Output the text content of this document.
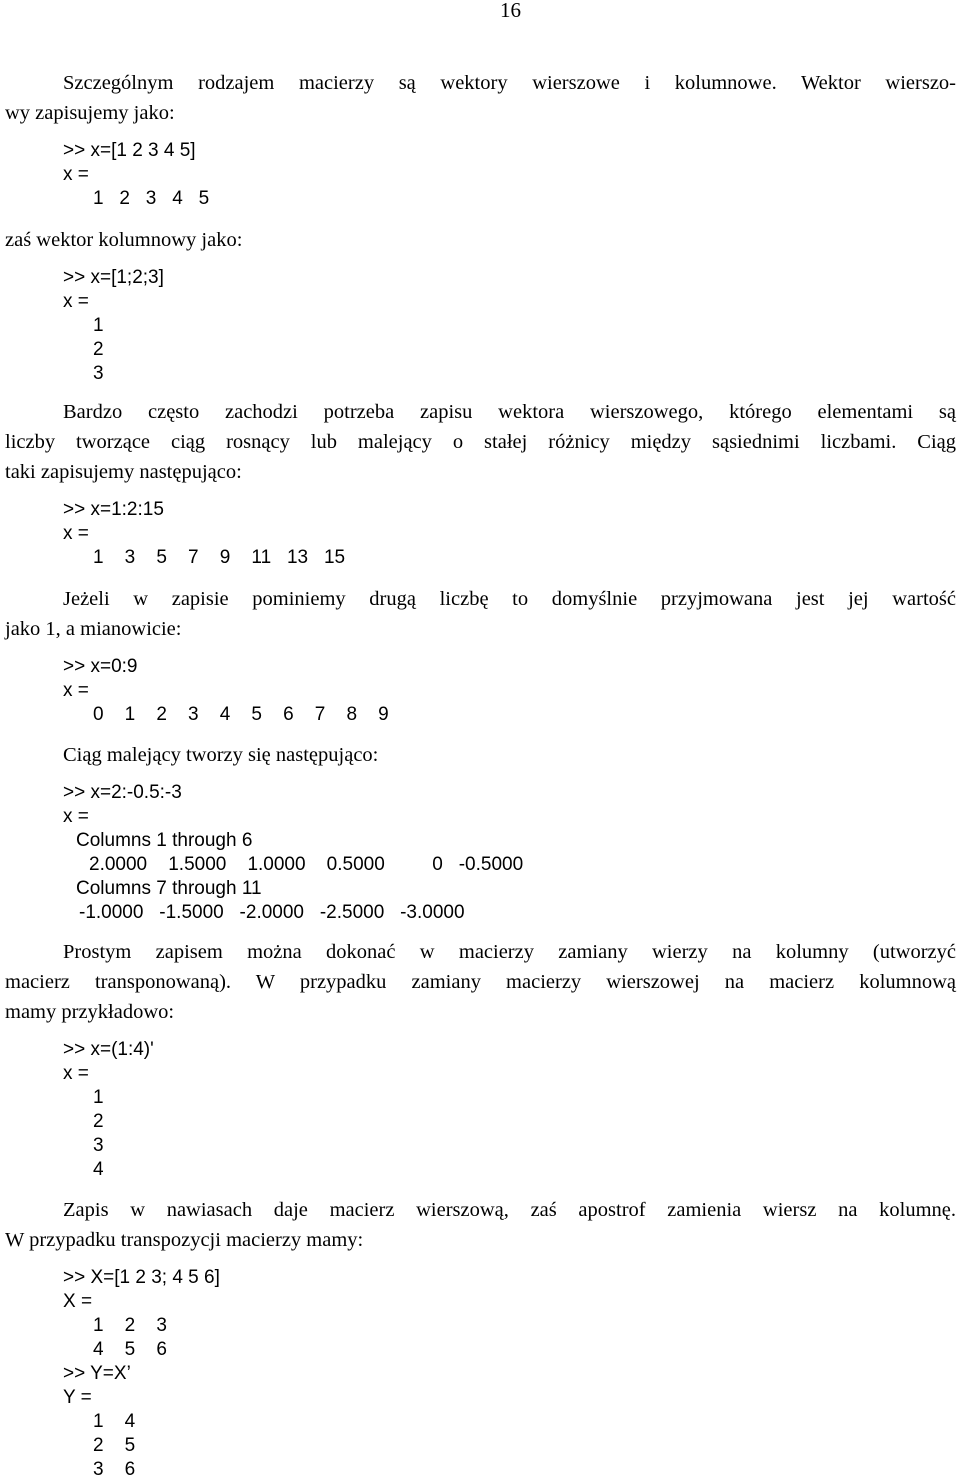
16
Szczególnym rodzajem macierzy są wektory wierszowe i kolumnowe. Wektor wierszo-
wy zapisujemy jako:
>> x=[1 2 3 4 5]
x =
1   2   3   4   5
zaś wektor kolumnowy jako:
>> x=[1;2;3]
x =
1
2
3
Bardzo często zachodzi potrzeba zapisu wektora wierszowego, którego elementami są
liczby tworzące ciąg rosnący lub malejący o stałej różnicy między sąsiednimi liczbami. Ciąg
taki zapisujemy następująco:
>> x=1:2:15
x =
1    3    5    7    9    11   13   15
Jeżeli w zapisie pominiemy drugą liczbę to domyślnie przyjmowana jest jej wartość
jako 1, a mianowicie:
>> x=0:9
x =
0    1    2    3    4    5    6    7    8    9
Ciąg malejący tworzy się następująco:
>> x=2:-0.5:-3
x =
Columns 1 through 6
2.0000    1.5000    1.0000    0.5000         0   -0.5000
Columns 7 through 11
-1.0000   -1.5000   -2.0000   -2.5000   -3.0000
Prostym zapisem można dokonać w macierzy zamiany wierzy na kolumny (utworzyć
macierz transponowaną). W przypadku zamiany macierzy wierszowej na macierz kolumnową
mamy przykładowo:
>> x=(1:4)'
x =
1
2
3
4
Zapis w nawiasach daje macierz wierszową, zaś apostrof zamienia wiersz na kolumnę.
W przypadku transpozycji macierzy mamy:
>> X=[1 2 3; 4 5 6]
X =
1    2    3
4    5    6
>> Y=X’
Y =
1    4
2    5
3    6
